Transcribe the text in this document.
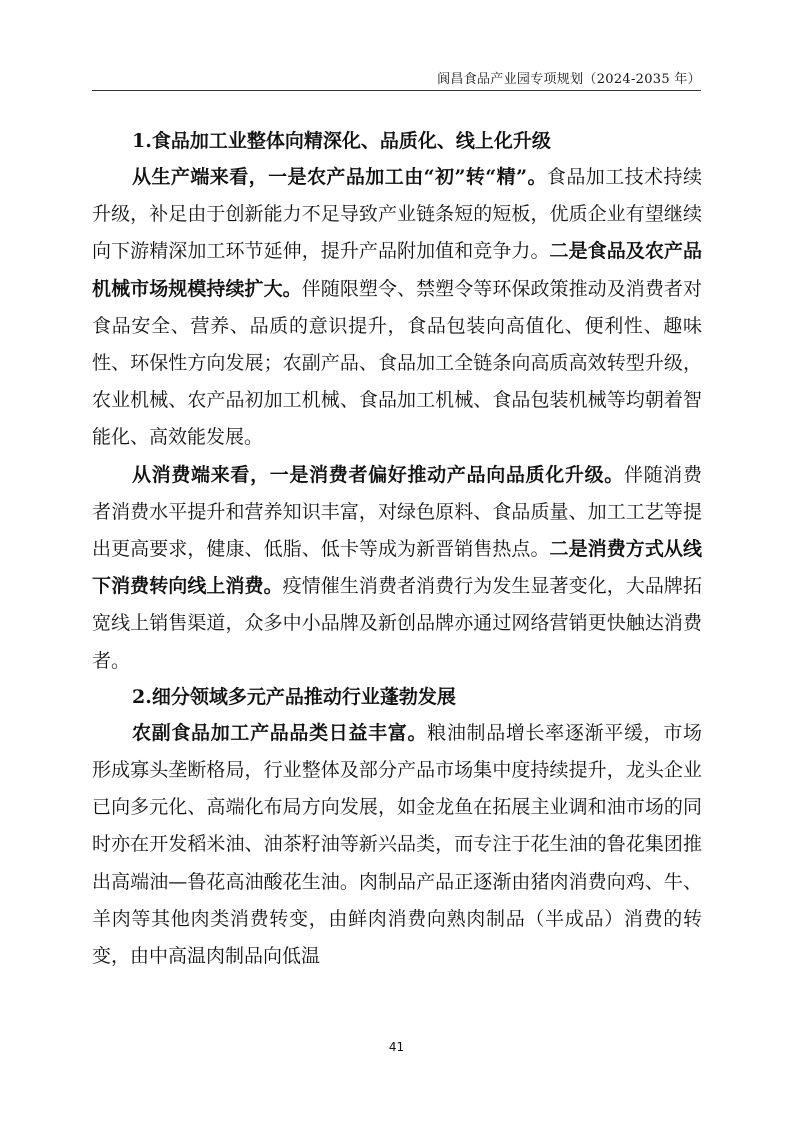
阆昌食品产业园专项规划（2024-2035 年）
1.食品加工业整体向精深化、品质化、线上化升级

从生产端来看，一是农产品加工由“初”转“精”。食品加工技术持续升级，补足由于创新能力不足导致产业链条短的短板，优质企业有望继续向下游精深加工环节延伸，提升产品附加值和竞争力。二是食品及农产品机械市场规模持续扩大。伴随限塑令、禁塑令等环保政策推动及消费者对食品安全、营养、品质的意识提升，食品包装向高值化、便利性、趣味性、环保性方向发展；农副产品、食品加工全链条向高质高效转型升级，农业机械、农产品初加工机械、食品加工机械、食品包装机械等均朝着智能化、高效能发展。

从消费端来看，一是消费者偏好推动产品向品质化升级。伴随消费者消费水平提升和营养知识丰富，对绿色原料、食品质量、加工工艺等提出更高要求，健康、低脂、低卡等成为新晋销售热点。二是消费方式从线下消费转向线上消费。疫情催生消费者消费行为发生显著变化，大品牌拓宽线上销售渠道，众多中小品牌及新创品牌亦通过网络营销更快触达消费者。

2.细分领域多元产品推动行业蓬勃发展

农副食品加工产品品类日益丰富。粮油制品增长率逐渐平缓，市场形成寡头垄断格局，行业整体及部分产品市场集中度持续提升，龙头企业已向多元化、高端化布局方向发展，如金龙鱼在拓展主业调和油市场的同时亦在开发稻米油、油茶籽油等新兴品类，而专注于花生油的鲁花集团推出高端油—鲁花高油酸花生油。肉制品产品正逐渐由猪肉消费向鸡、牛、羊肉等其他肉类消费转变，由鲜肉消费向熟肉制品（半成品）消费的转变，由中高温肉制品向低温

41
